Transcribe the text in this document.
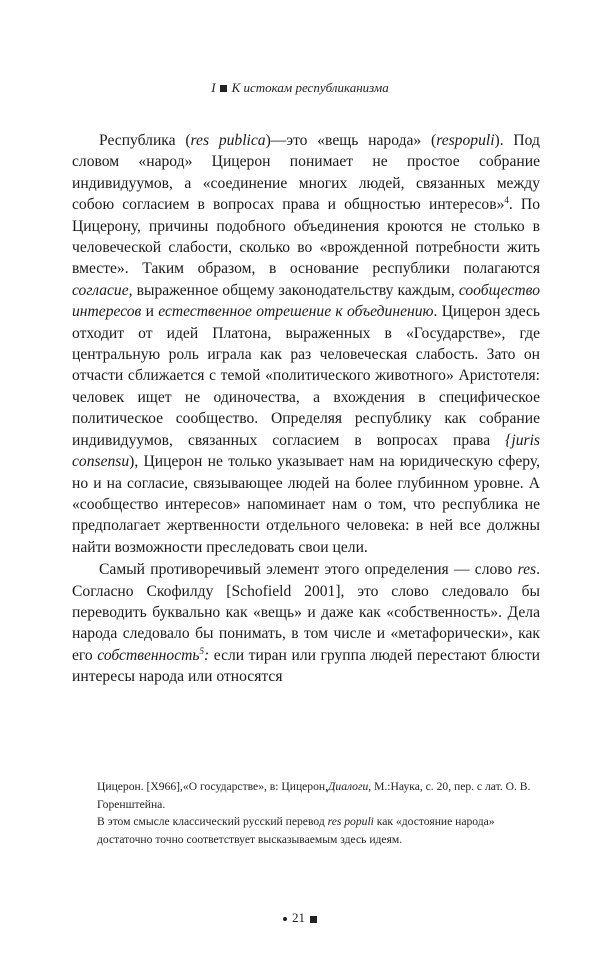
I К истокам республиканизма

Республика (res publica)—это «вещь народа» (respopuli). Под словом «народ» Цицерон понимает не простое собрание индивидуумов, а «соединение многих людей, связанных между собою согласием в вопросах права и общностью интересов»$^4$. По Цицерону, причины подобного объединения кроются не столько в человеческой слабости, сколько во «врожденной потребности жить вместе». Таким образом, в основание республики полагаются согласие, выраженное общему законодательству каждым, сообщество интересов и естественное отрешение к объединению. Цицерон здесь отходит от идей Платона, выраженных в «Государстве», где центральную роль играла как раз человеческая слабость. Зато он отчасти сближается с темой «политического животного» Аристотеля: человек ищет не одиночества, а вхождения в специфическое политическое сообщество. Определяя республику как собрание индивидуумов, связанных согласием в вопросах права {juris consensu), Цицерон не только указывает нам на юридическую сферу, но и на согласие, связывающее людей на более глубинном уровне. А «сообщество интересов» напоминает нам о том, что республика не предполагает жертвенности отдельного человека: в ней все должны найти возможности преследовать свои цели.

Самый противоречивый элемент этого определения — слово res. Согласно Скофилду [Schofield 2001], это слово следовало бы переводить буквально как «вещь» и даже как «собственность». Дела народа следовало бы понимать, в том числе и «метафорически», как его собственность$^5$: если тиран или группа людей перестают блюсти интересы народа или относятся

Цицерон. [X966],«О государстве», в: Цицерон,Диалоги, М.:Наука, с. 20, пер. с лат. О. В. Горенштейна.

В этом смысле классический русский перевод res populi как «достояние народа» достаточно точно соответствует высказываемым здесь идеям.

21
